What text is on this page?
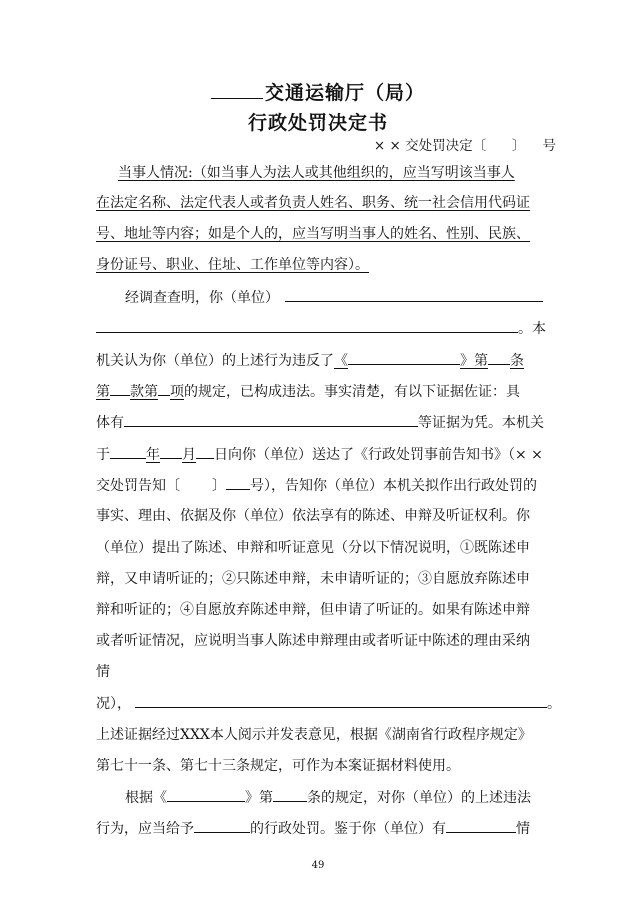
交通运输厅（局）
行政处罚决定书
× × 交处罚决定〔      〕    号
当事人情况:（如当事人为法人或其他组织的，应当写明该当事人
在法定名称、法定代表人或者负责人姓名、职务、统一社会信用代码证
号、地址等内容；如是个人的，应当写明当事人的姓名、性别、民族、
身份证号、职业、住址、工作单位等内容）。
经调查查明，你（单位）
。本
机关认为你（单位）的上述行为违反了《	》第 条
第 款第 项的规定，已构成违法。事实清楚，有以下证据佐证：具
体有	等证据为凭。本机关
于	年 月 日向你（单位）送达了《行政处罚事前告知书》（× ×
交处罚告知〔 〕 号），告知你（单位）本机关拟作出行政处罚的
事实、理由、依据及你（单位）依法享有的陈述、申辩及听证权利。你
（单位）提出了陈述、申辩和听证意见（分以下情况说明，①既陈述申
辩，又申请听证的；②只陈述申辩，未申请听证的；③自愿放弃陈述申
辩和听证的；④自愿放弃陈述申辩，但申请了听证的。如果有陈述申辩
或者听证情况，应说明当事人陈述申辩理由或者听证中陈述的理由采纳
情
况），	。
上述证据经过XXX本人阅示并发表意见，根据《湖南省行政程序规定》
第七十一条、第七十三条规定，可作为本案证据材料使用。
根据《	》第 条的规定，对你（单位）的上述违法
行为，应当给予	的行政处罚。鉴于你（单位）有	情
49
